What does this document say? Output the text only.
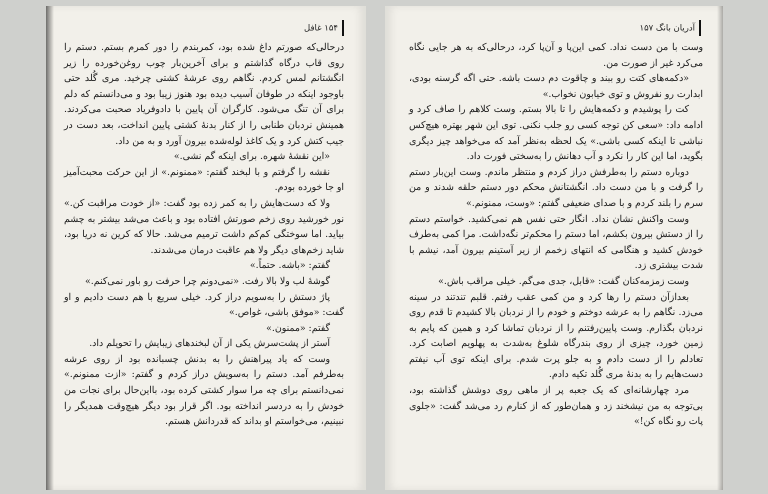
۱۵۴ غافل

درحالی‌که صورتم داغ شده بود، کمربندم را دور کمرم بستم. دستم را روی قاب درگاه گذاشتم و برای آخرین‌بار چوب روغن‌خورده را زیر انگشتانم لمس کردم. نگاهم روی عرشهٔ کشتی چرخید. مری گُلد حتی باوجود اینکه در طوفان آسیب دیده بود هنوز زیبا بود و می‌دانستم که دلم برای آن تنگ می‌شود. کارگران آن پایین با دادوفریاد صحبت می‌کردند. همینش نردبان طنابی را از کنار بدنهٔ کشتی پایین انداخت، بعد دست در جیب کتش کرد و یک کاغذ لوله‌شده بیرون آورد و به من داد.

«این نقشهٔ شهره. برای اینکه گم نشی.»

نقشه را گرفتم و با لبخند گفتم: «ممنونم.» از این حرکت محبت‌آمیز او جا خورده بودم.

ولا که دست‌هایش را به کمر زده بود گفت: «از خودت مراقبت کن.» نور خورشید روی زخم صورتش افتاده بود و باعث می‌شد بیشتر به چشم بیاید. اما سوختگی کم‌کم داشت ترمیم می‌شد. حالا که کرین نه دریا بود، شاید زخم‌های دیگر ولا هم عاقبت درمان می‌شدند.

گفتم: «باشه. حتماً.»

گوشهٔ لب ولا بالا رفت. «نمی‌دونم چرا حرفت رو باور نمی‌کنم.»

پاژ دستش را به‌سویم دراز کرد. خیلی سریع با هم دست دادیم و او گفت: «موفق باشی، غواص.»

گفتم: «ممنون.»

آستر از پشت‌سرش یکی از آن لبخندهای زیبایش را تحویلم داد.

وست که یاد پیراهنش را به بدنش چسبانده بود از روی عرشه به‌طرفم آمد. دستم را به‌سویش دراز کردم و گفتم: «ازت ممنونم.» نمی‌دانستم برای چه مرا سوار کشتی کرده بود، بااین‌حال برای نجات من خودش را به دردسر انداخته بود. اگر قرار بود دیگر هیچ‌وقت همدیگر را نبینیم، می‌خواستم او بداند که قدردانش هستم.

آدریان بانگ ۱۵۷

وست با من دست نداد. کمی این‌پا و آن‌پا کرد، درحالی‌که به هر جایی نگاه می‌کرد غیر از صورت من.

«دکمه‌های کتت رو ببند و چاقوت دم دست باشه. حتی اگه گرسنه بودی، ابدارت رو نفروش و توی خیابون نخواب.»

کت را پوشیدم و دکمه‌هایش را تا بالا بستم. وست کلاهم را صاف کرد و ادامه داد: «سعی کن توجه کسی رو جلب نکنی. توی این شهر بهتره هیچ‌کس نباشی تا اینکه کسی باشی.» یک لحظه به‌نظر آمد که می‌خواهد چیز دیگری بگوید، اما این کار را نکرد و آب دهانش را به‌سختی فورت داد.

دوباره دستم را به‌طرفش دراز کردم و منتظر ماندم. وست این‌بار دستم را گرفت و با من دست داد. انگشتانش محکم دور دستم حلقه شدند و من سرم را بلند کردم و با صدای ضعیفی گفتم: «وست، ممنونم.»

وست واکنش نشان نداد. انگار حتی نفس هم نمی‌کشید. خواستم دستم را از دستش بیرون بکشم، اما دستم را محکم‌تر نگه‌داشت. مرا کمی به‌طرف خودش کشید و هنگامی که انتهای زخمم از زیر آستینم بیرون آمد، نیشم با شدت بیشتری زد.

وست زمزمه‌کنان گفت: «قابل، جدی می‌گم. خیلی مراقب باش.»

بعدازآن دستم را رها کرد و من کمی عقب رفتم. قلبم تندتند در سینه می‌زد. نگاهم را به عرشه دوختم و خودم را از نردبان بالا کشیدم تا قدم روی نردبان بگذارم. وست پایین‌رفتنم را از نردبان تماشا کرد و همین که پایم به زمین خورد، چیزی از روی بندرگاه شلوغ به‌شدت به پهلویم اصابت کرد. تعادلم را از دست دادم و به جلو پرت شدم. برای اینکه توی آب نیفتم دست‌هایم را به بدنهٔ مری گُلد تکیه دادم.

مرد چهارشانه‌ای که یک جعبه پر از ماهی روی دوشش گذاشته بود، بی‌توجه به من نیشخند زد و همان‌طور که از کنارم رد می‌شد گفت: «جلوی پات رو نگاه کن!»
